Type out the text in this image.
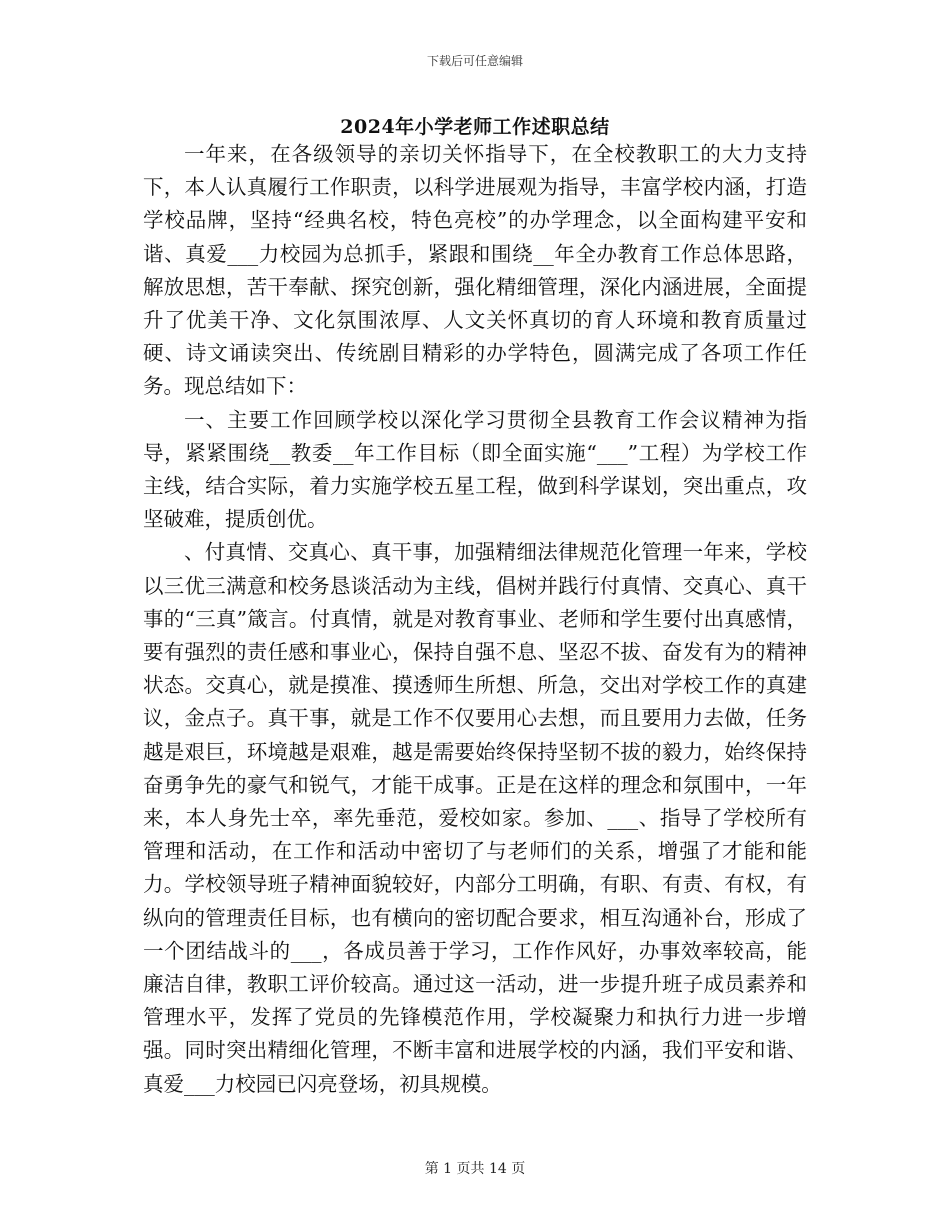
下载后可任意编辑
2024年小学老师工作述职总结

一年来，在各级领导的亲切关怀指导下，在全校教职工的大力支持下，本人认真履行工作职责，以科学进展观为指导，丰富学校内涵，打造学校品牌，坚持“经典名校，特色亮校”的办学理念，以全面构建平安和谐、真爱___力校园为总抓手，紧跟和围绕__年全办教育工作总体思路，解放思想，苦干奉献、探究创新，强化精细管理，深化内涵进展，全面提升了优美干净、文化氛围浓厚、人文关怀真切的育人环境和教育质量过硬、诗文诵读突出、传统剧目精彩的办学特色，圆满完成了各项工作任务。现总结如下：

一、主要工作回顾学校以深化学习贯彻全县教育工作会议精神为指导，紧紧围绕__教委__年工作目标（即全面实施“___”工程）为学校工作主线，结合实际，着力实施学校五星工程，做到科学谋划，突出重点，攻坚破难，提质创优。

、付真情、交真心、真干事，加强精细法律规范化管理一年来，学校以三优三满意和校务恳谈活动为主线，倡树并践行付真情、交真心、真干事的“三真”箴言。付真情，就是对教育事业、老师和学生要付出真感情，要有强烈的责任感和事业心，保持自强不息、坚忍不拔、奋发有为的精神状态。交真心，就是摸准、摸透师生所想、所急，交出对学校工作的真建议，金点子。真干事，就是工作不仅要用心去想，而且要用力去做，任务越是艰巨，环境越是艰难，越是需要始终保持坚韧不拔的毅力，始终保持奋勇争先的豪气和锐气，才能干成事。正是在这样的理念和氛围中，一年来，本人身先士卒，率先垂范，爱校如家。参加、___、指导了学校所有管理和活动，在工作和活动中密切了与老师们的关系，增强了才能和能力。学校领导班子精神面貌较好，内部分工明确，有职、有责、有权，有纵向的管理责任目标，也有横向的密切配合要求，相互沟通补台，形成了一个团结战斗的___，各成员善于学习，工作作风好，办事效率较高，能廉洁自律，教职工评价较高。通过这一活动，进一步提升班子成员素养和管理水平，发挥了党员的先锋模范作用，学校凝聚力和执行力进一步增强。同时突出精细化管理，不断丰富和进展学校的内涵，我们平安和谐、真爱___力校园已闪亮登场，初具规模。

第 1 页共 14 页
